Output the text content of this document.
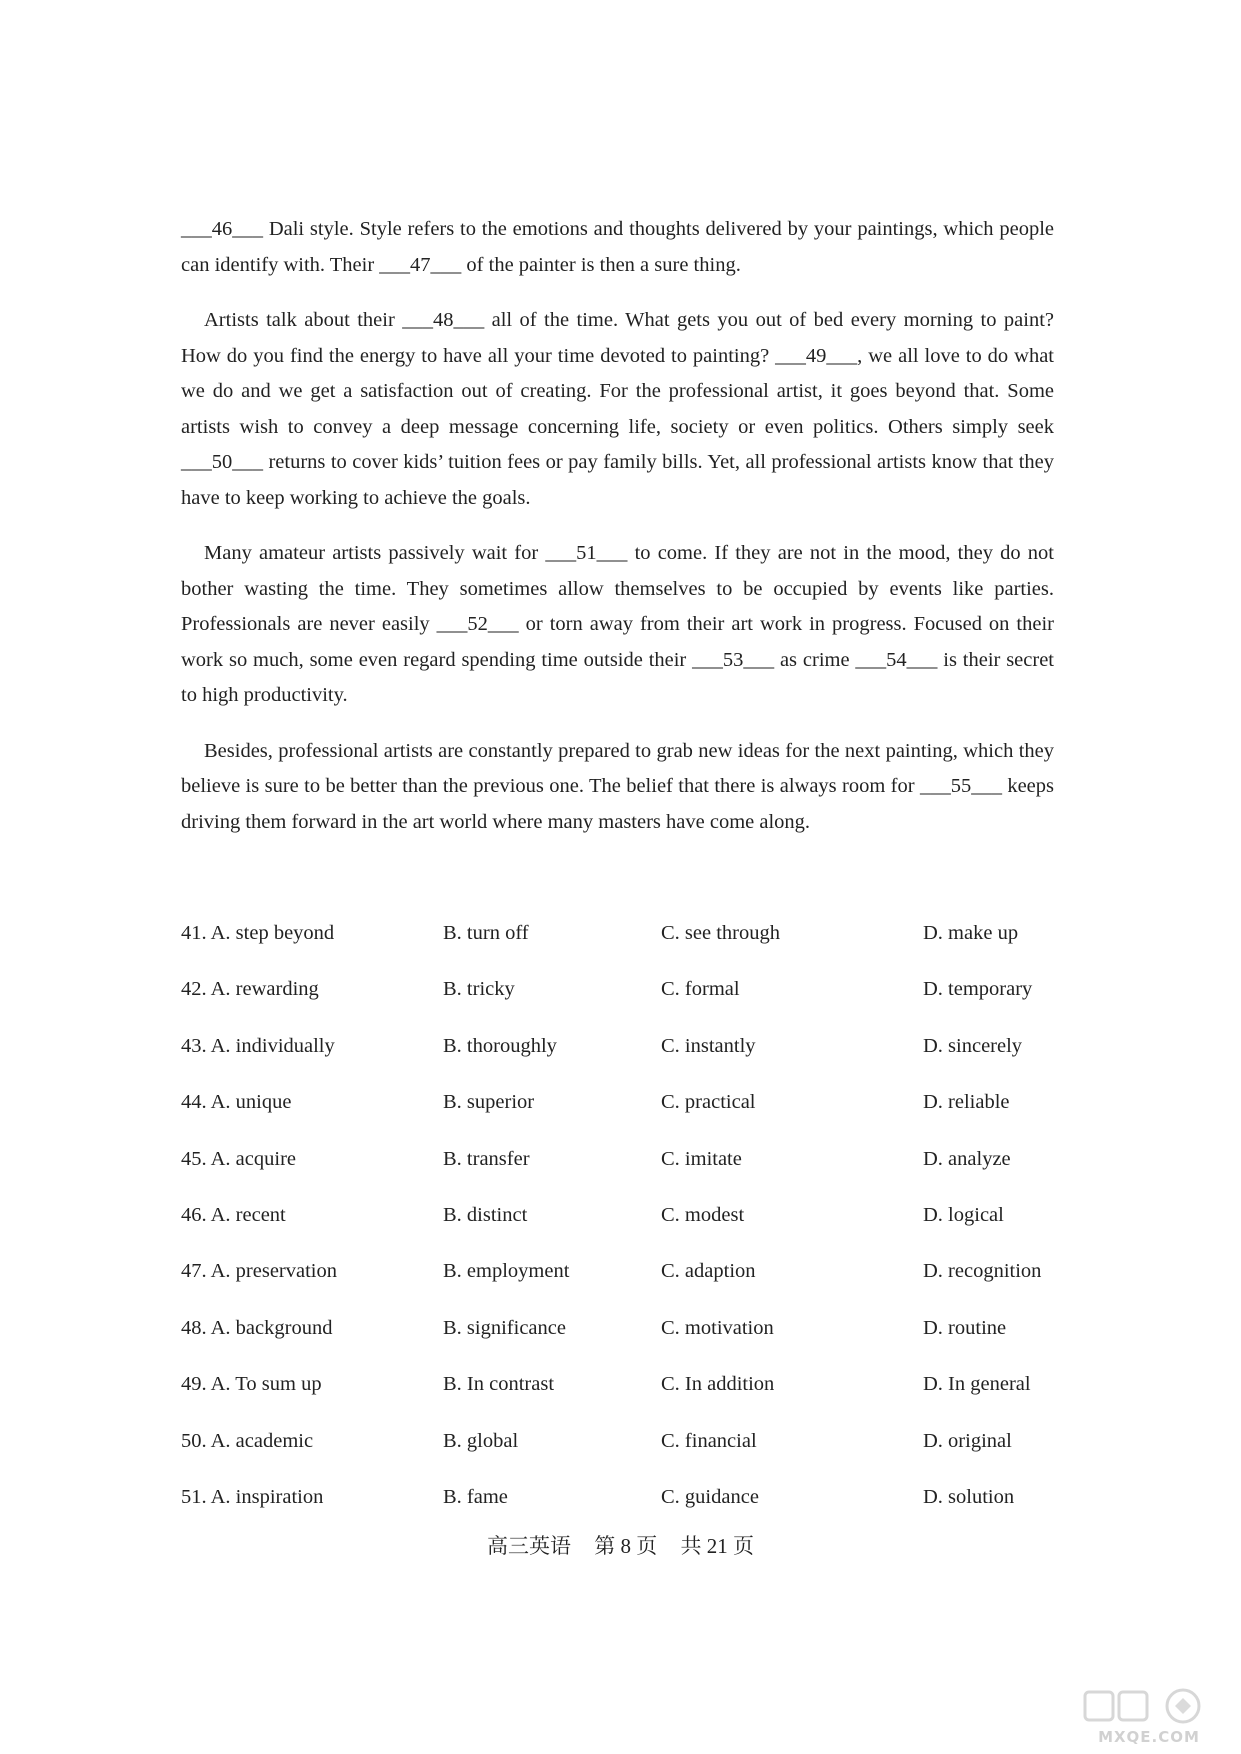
___46___ Dali style. Style refers to the emotions and thoughts delivered by your paintings, which people can identify with. Their ___47___ of the painter is then a sure thing.

Artists talk about their ___48___ all of the time. What gets you out of bed every morning to paint? How do you find the energy to have all your time devoted to painting? ___49___, we all love to do what we do and we get a satisfaction out of creating. For the professional artist, it goes beyond that. Some artists wish to convey a deep message concerning life, society or even politics. Others simply seek ___50___ returns to cover kids’ tuition fees or pay family bills. Yet, all professional artists know that they have to keep working to achieve the goals.

Many amateur artists passively wait for ___51___ to come. If they are not in the mood, they do not bother wasting the time. They sometimes allow themselves to be occupied by events like parties. Professionals are never easily ___52___ or torn away from their art work in progress. Focused on their work so much, some even regard spending time outside their ___53___ as crime ___54___ is their secret to high productivity.

Besides, professional artists are constantly prepared to grab new ideas for the next painting, which they believe is sure to be better than the previous one. The belief that there is always room for ___55___ keeps driving them forward in the art world where many masters have come along.

41. A. step beyond	B. turn off	C. see through	D. make up
42. A. rewarding	B. tricky	C. formal	D. temporary
43. A. individually	B. thoroughly	C. instantly	D. sincerely
44. A. unique	B. superior	C. practical	D. reliable
45. A. acquire	B. transfer	C. imitate	D. analyze
46. A. recent	B. distinct	C. modest	D. logical
47. A. preservation	B. employment	C. adaption	D. recognition
48. A. background	B. significance	C. motivation	D. routine
49. A. To sum up	B. In contrast	C. In addition	D. In general
50. A. academic	B. global	C. financial	D. original
51. A. inspiration	B. fame	C. guidance	D. solution
高三英语 第 8 页 共 21 页
MXQE.COM
